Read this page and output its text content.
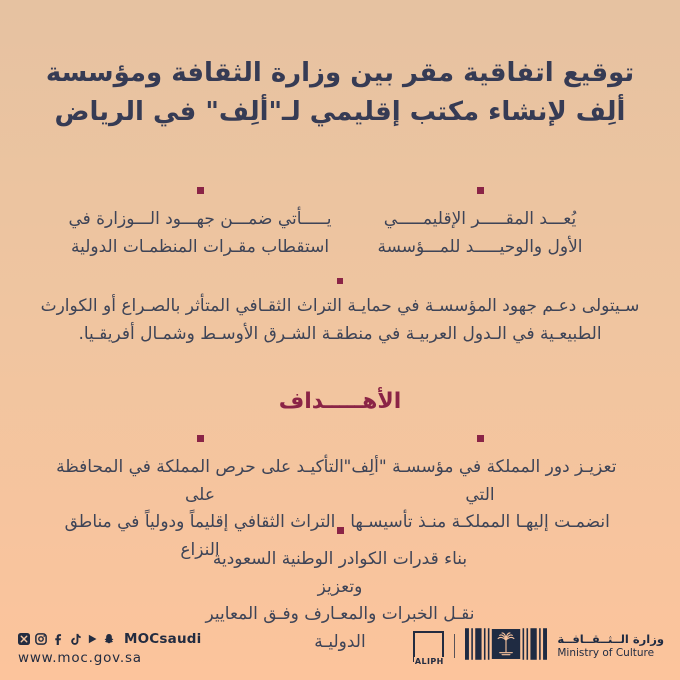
توقيع اتفاقية مقر بين وزارة الثقافة ومؤسسة
ألِف لإنشاء مكتب إقليمي لـ"ألِف" في الرياض
يُعـــد المقـــــر الإقليمـــــي
الأول والوحيـــــد للمـــؤسسة
يـــــأتي ضمـــن جهـــود الـــوزارة في
استقطاب مقـرات المنظمـات الدولية
سـيتولى دعـم جهود المؤسسـة في حمايـة التراث الثقـافي المتأثر بالصـراع أو الكوارث
الطبيعـية في الـدول العربيـة في منطقـة الشـرق الأوسـط وشمـال أفريقـيا.
الأهـــــداف
تعزيـز دور المملكة في مؤسسـة "ألِف" التي
انضمـت إليهـا المملكـة منـذ تأسيسـها
التأكيـد على حرص المملكة في المحافظة على
التراث الثقافي إقليماً ودولياً في مناطق النزاع
بناء قدرات الكوادر الوطنية السعودية وتعزيز
نقـل الخبرات والمعـارف وفـق المعايير الدوليـة
MOCsaudi
www.moc.gov.sa	ALIPH
وزارة الــثــقــافــة
Ministry of Culture
